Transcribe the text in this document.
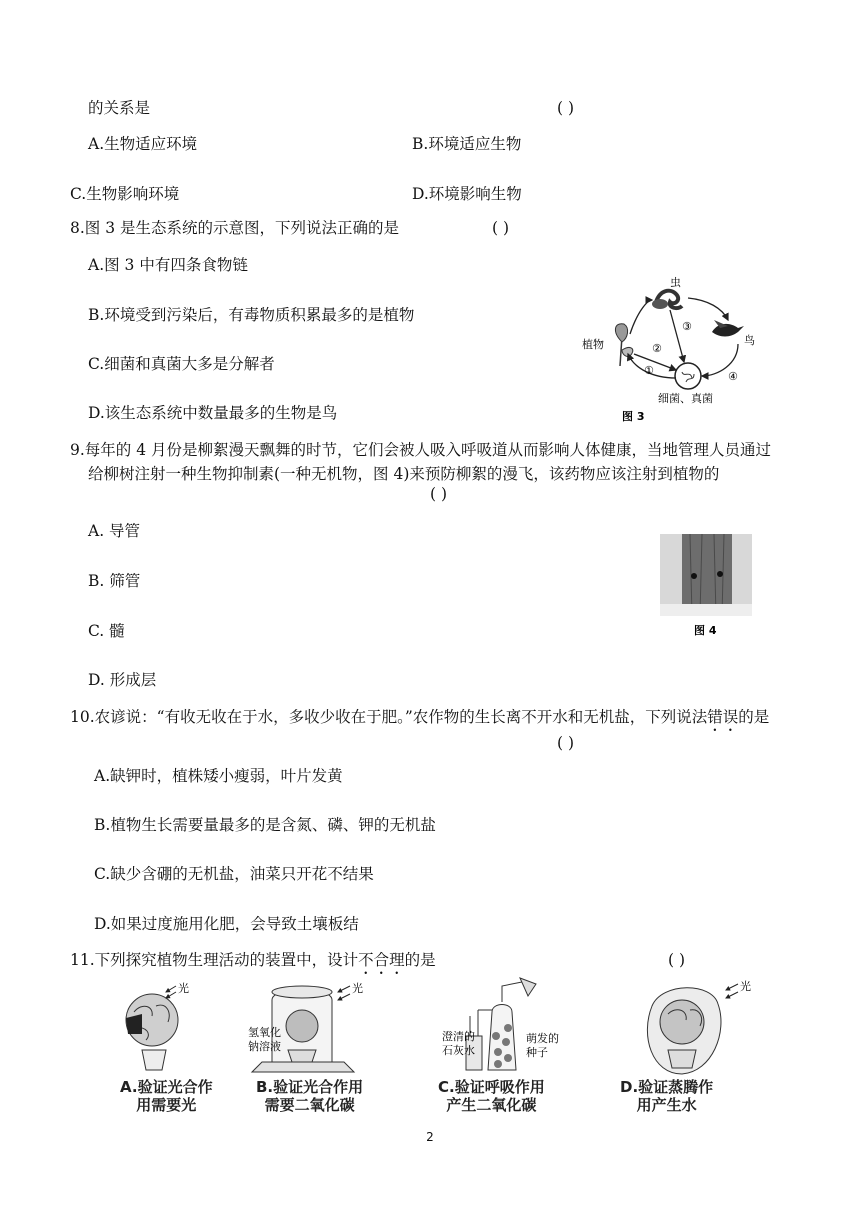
的关系是	( )
A.生物适应环境	B.环境适应生物
C.生物影响环境	D.环境影响生物
8.图 3 是生态系统的示意图，下列说法正确的是	( )
A.图 3 中有四条食物链
B.环境受到污染后，有毒物质积累最多的是植物
C.细菌和真菌大多是分解者
D.该生态系统中数量最多的生物是鸟
虫
鸟
植物
细菌、真菌
①
②
③
④
图 3
9.每年的 4 月份是柳絮漫天飘舞的时节，它们会被人吸入呼吸道从而影响人体健康，当地管理人员通过
给柳树注射一种生物抑制素(一种无机物，图 4)来预防柳絮的漫飞，该药物应该注射到植物的
( )
A. 导管
B. 筛管
C. 髓
D. 形成层
图 4
10.农谚说：“有收无收在于水，多收少收在于肥。”农作物的生长离不开水和无机盐，下列说法错误的是
( )
A.缺钾时，植株矮小瘦弱，叶片发黄
B.植物生长需要量最多的是含氮、磷、钾的无机盐
C.缺少含硼的无机盐，油菜只开花不结果
D.如果过度施用化肥，会导致土壤板结
11.下列探究植物生理活动的装置中，设计不合理的是	( )
光	光
氢氧化
钠溶液
澄清的
石灰水
萌发的
种子
光
A.验证光合作
用需要光
B.验证光合作用
需要二氧化碳
C.验证呼吸作用
产生二氧化碳
D.验证蒸腾作
用产生水
2
